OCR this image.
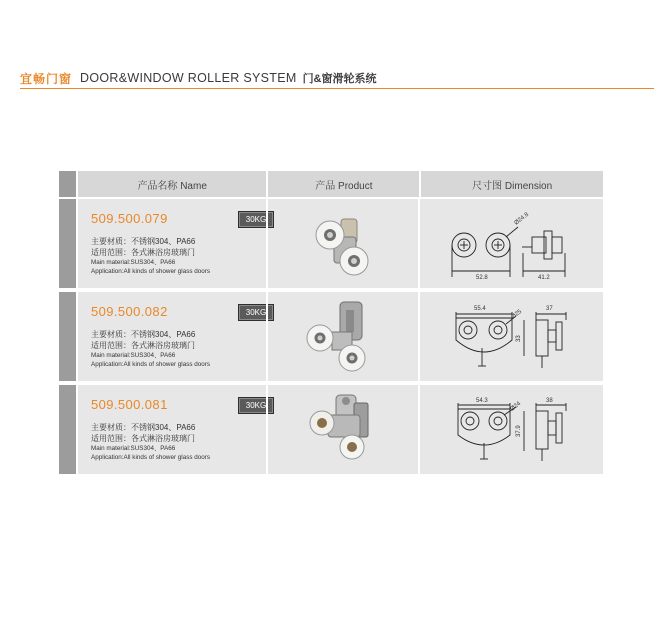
宜畅门窗 DOOR&WINDOW ROLLER SYSTEM 门&窗滑轮系统
产品名称 Name	产品 Product	尺寸图 Dimension
509.500.079	30KG
主要材质：不锈钢304、PA66
适用范围：各式淋浴房玻璃门
Main material:SUS304、PA66
Application:All kinds of shower glass doors
Ø24.8
52.8	41.2
509.500.082	30KG
主要材质：不锈钢304、PA66
适用范围：各式淋浴房玻璃门
Main material:SUS304、PA66
Application:All kinds of shower glass doors
55.4	Ø25	37
33
509.500.081	30KG
主要材质：不锈钢304、PA66
适用范围：各式淋浴房玻璃门
Main material:SUS304、PA66
Application:All kinds of shower glass doors
54.3	Ø24	38
37.9
